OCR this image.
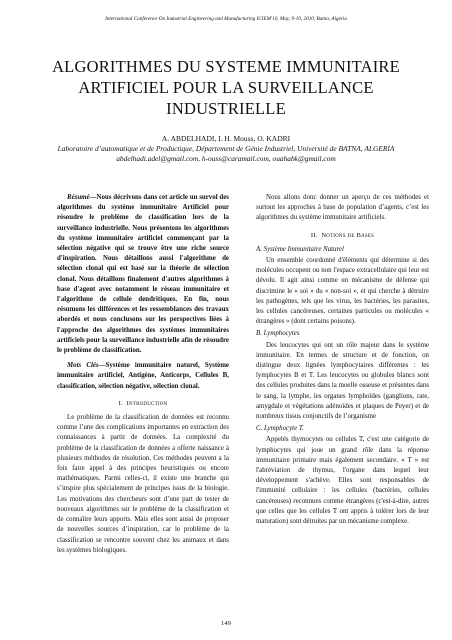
International Conference On Industrial Engineering and Manufacturing ICIEM'10, May, 9-10, 2010, Batna, Algeria
ALGORITHMES DU SYSTEME IMMUNITAIRE
ARTIFICIEL POUR LA SURVEILLANCE
INDUSTRIELLE
A. ABDELHADI, L H. Mouss, O. KADRI
Laboratoire d’automatique et de Productique, Département de Génie Industriel, Université de BATNA, ALGERIA
abdelhadi.adel@gmail.com, h-ouss@caramail.com, ouahabk@gmail.com
Résumé—Nous décrivons dans cet article un survol des algorithmes du système immunitaire Artificiel pour résoudre le problème de classification lors de la surveillance industrielle. Nous présentons les algorithmes du système immunitaire artificiel commençant par la sélection négative qui se trouve être une riche source d'inspiration. Nous détaillons aussi l'algorithme de sélection clonal qui est basé sur la théorie de sélection clonal. Nous détaillons finalement d'autres algorithmes à base d'agent avec notamment le réseau immunitaire et l'algorithme de cellule dendritiques. En fin, nous résumons les différences et les ressemblances des travaux abordés et nous conclusons sur les perspectives liées à l'approche des algorithmes des systèmes immunitaires artificiels pour la surveillance industrielle afin de résoudre le problème de classification.
Mots Clés—Système immunitaire naturel, Système immunitaire artificiel, Antigène, Anticorps, Cellules B, classification, sélection négative, sélection clonal.
I. Introduction

Le problème de la classification de données est reconnu comme l’une des complications importantes en extraction des connaissances à partir de données. La complexité du problème de la classification de données a offerte naissance à plusieurs méthodes de résolution. Ces méthodes peuvent a la fois faire appel à des principes heuristiques ou encore mathématiques. Parmi celles-ci, il existe une branche qui s’inspire plus spécialement de principes issus de la biologie. Les motivations des chercheurs sont d’une part de tester de nouveaux algorithmes sur le problème de la classification et de connaître leurs apports. Mais elles sont aussi de proposer de nouvelles sources d’inspiration, car le problème de la classification se rencontre souvent chez les animaux et dans les systèmes biologiques.

Nous allons donc donner un aperçu de ces méthodes et surtout les approches à base de population d’agents, c’est les algorithmes du système immunitaire artificiels.

II. Notions de Bases
A. Système Immunitaire Naturel

Un ensemble coordonné d'éléments qui détermine si des molécules occupent ou non l'espace extracellulaire qui leur est dévolu. Il agit ainsi comme un mécanisme de défense qui discrimine le « soi » du « non-soi », et qui cherche à détruire les pathogènes, tels que les virus, les bactéries, les parasites, les cellules cancéreuses, certaines particules ou molécules « étrangères » (dont certains poisons).

B. Lymphocytes

Des leucocytes qui ont un rôle majeur dans le système immunitaire. En termes de structure et de fonction, on distingue deux lignées lymphocytaires différentes : les lymphocytes B et T. Les leucocytes ou globules blancs sont des cellules produites dans la moelle osseuse et présentes dans le sang, la lymphe, les organes lymphoïdes (ganglions, rate, amygdale et végétations adénoïdes et plaques de Peyer) et de nombreux tissus conjonctifs de l’organisme

C. Lymphocyte T.

Appelés thymocytes ou cellules T, c'est une catégorie de lymphocytes qui joue un grand rôle dans la réponse immunitaire primaire mais également secondaire. « T » est l'abréviation de thymus, l'organe dans lequel leur développement s'achève. Elles sont responsables de l'immunité cellulaire : les cellules (bactéries, cellules cancéreuses) reconnues comme étrangères (c'est-à-dire, autres que celles que les cellules T ont appris à tolérer lors de leur maturation) sont détruites par un mécanisme complexe.

149
